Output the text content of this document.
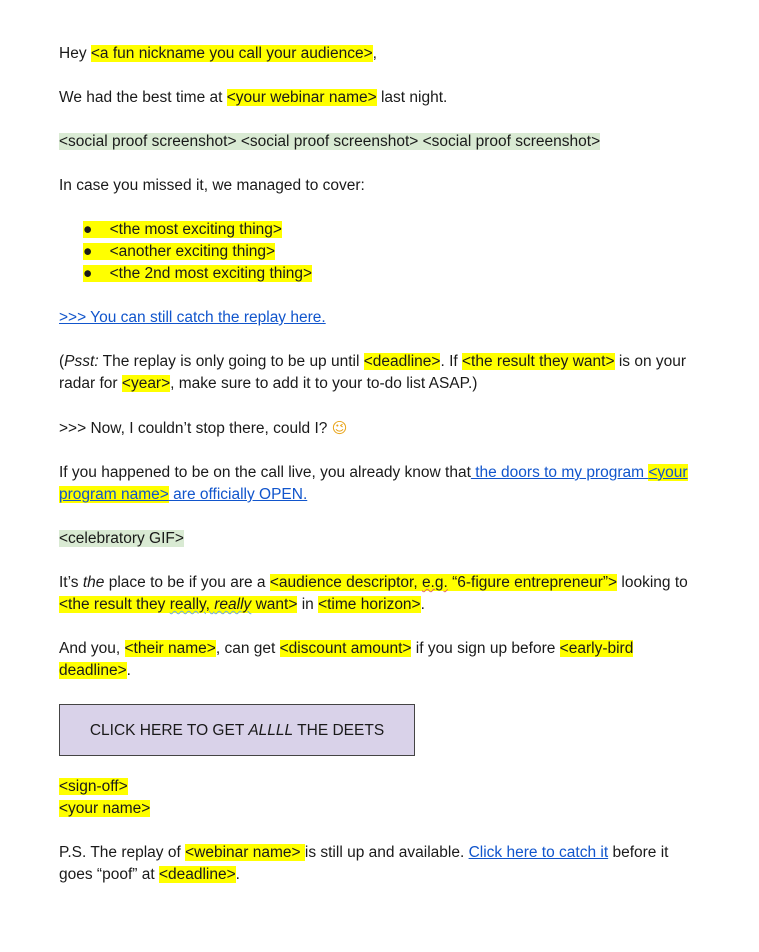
Hey <a fun nickname you call your audience>,

We had the best time at <your webinar name> last night.

<social proof screenshot> <social proof screenshot> <social proof screenshot>

In case you missed it, we managed to cover:

● <the most exciting thing>
● <another exciting thing>
● <the 2nd most exciting thing>

>>> You can still catch the replay here.

(Psst: The replay is only going to be up until <deadline>. If <the result they want> is on your radar for <year>, make sure to add it to your to-do list ASAP.)

>>> Now, I couldn’t stop there, could I? 😉

If you happened to be on the call live, you already know that the doors to my program <your program name> are officially OPEN.

<celebratory GIF>

It’s the place to be if you are a <audience descriptor, e.g. “6-figure entrepreneur”> looking to <the result they really, really want> in <time horizon>.

And you, <their name>, can get <discount amount> if you sign up before <early-bird deadline>.

CLICK HERE TO GET ALLLL THE DEETS

<sign-off>

<your name>

P.S. The replay of <webinar name> is still up and available. Click here to catch it before it goes “poof” at <deadline>.
